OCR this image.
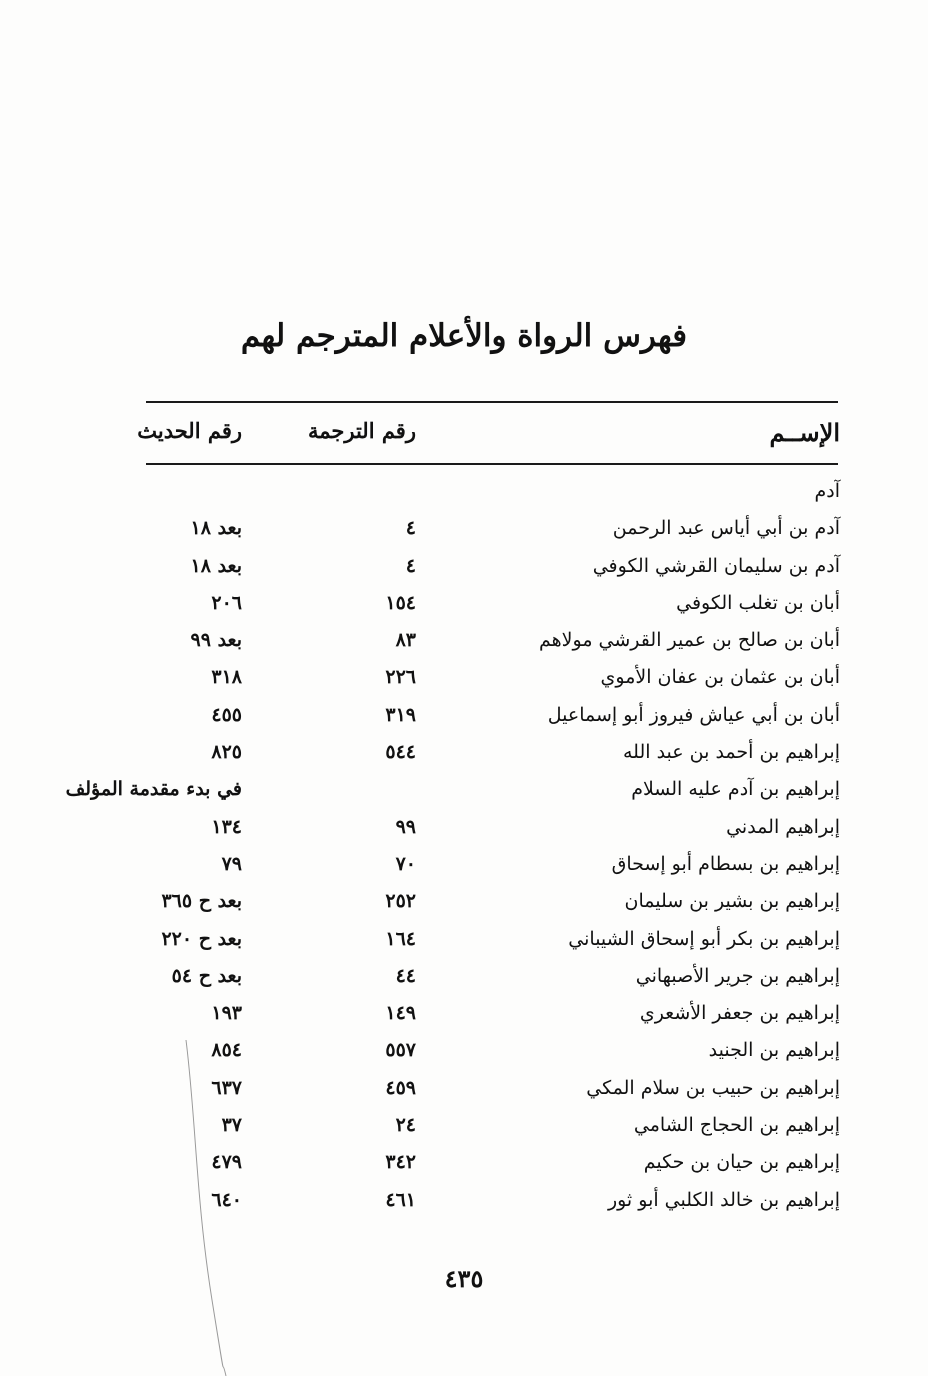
فهرس الرواة والأعلام المترجم لهم
الإســم
رقم الترجمة
رقم الحديث
آدم
آدم بن أبي أياس عبد الرحمن
٤
بعد ١٨
آدم بن سليمان القرشي الكوفي
٤
بعد ١٨
أبان بن تغلب الكوفي
١٥٤
٢٠٦
أبان بن صالح بن عمير القرشي مولاهم
٨٣
بعد ٩٩
أبان بن عثمان بن عفان الأموي
٢٢٦
٣١٨
أبان بن أبي عياش فيروز أبو إسماعيل
٣١٩
٤٥٥
إبراهيم بن أحمد بن عبد الله
٥٤٤
٨٢٥
إبراهيم بن آدم عليه السلام
في بدء مقدمة المؤلف
إبراهيم المدني
٩٩
١٣٤
إبراهيم بن بسطام أبو إسحاق
٧٠
٧٩
إبراهيم بن بشير بن سليمان
٢٥٢
بعد ح ٣٦٥
إبراهيم بن بكر أبو إسحاق الشيباني
١٦٤
بعد ح ٢٢٠
إبراهيم بن جرير الأصبهاني
٤٤
بعد ح ٥٤
إبراهيم بن جعفر الأشعري
١٤٩
١٩٣
إبراهيم بن الجنيد
٥٥٧
٨٥٤
إبراهيم بن حبيب بن سلام المكي
٤٥٩
٦٣٧
إبراهيم بن الحجاج الشامي
٢٤
٣٧
إبراهيم بن حيان بن حكيم
٣٤٢
٤٧٩
إبراهيم بن خالد الكلبي أبو ثور
٤٦١
٦٤٠
٤٣٥
